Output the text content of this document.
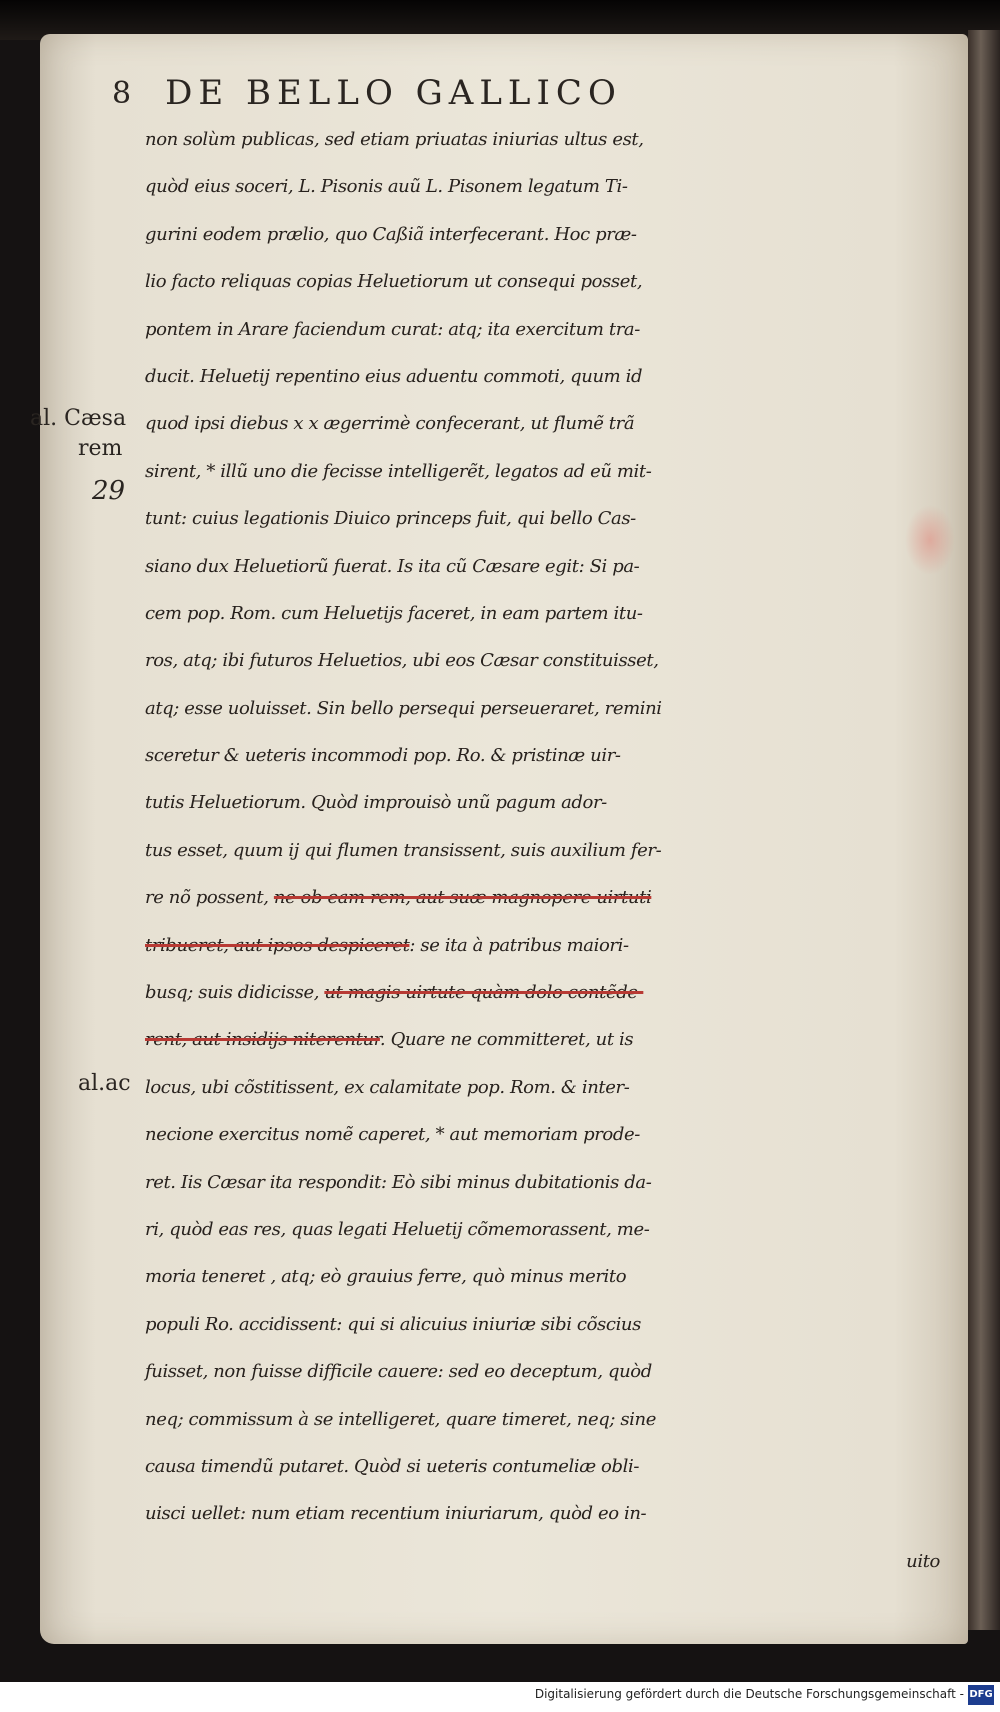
8 DE BELLO GALLICO
al. Cæsa
rem
29
al.ac
non solùm publicas, sed etiam priuatas iniurias ultus est,
quòd eius soceri, L. Pisonis auũ L. Pisonem legatum Ti-
gurini eodem prælio, quo Caßiã interfecerant. Hoc præ-
lio facto reliquas copias Heluetiorum ut consequi posset,
pontem in Arare faciendum curat: atq; ita exercitum tra-
ducit. Heluetij repentino eius aduentu commoti, quum id
quod ipsi diebus x x ægerrimè confecerant, ut flumẽ trã
sirent, * illũ uno die fecisse intelligerẽt, legatos ad eũ mit-
tunt: cuius legationis Diuico princeps fuit, qui bello Cas-
siano dux Heluetiorũ fuerat. Is ita cũ Cæsare egit: Si pa-
cem pop. Rom. cum Heluetijs faceret, in eam partem itu-
ros, atq; ibi futuros Heluetios, ubi eos Cæsar constituisset,
atq; esse uoluisset. Sin bello persequi perseueraret, remini
sceretur & ueteris incommodi pop. Ro. & pristinæ uir-
tutis Heluetiorum. Quòd improuisò unũ pagum ador-
tus esset, quum ij qui flumen transissent, suis auxilium fer-
re nõ possent, ne ob eam rem, aut suæ magnopere uirtuti
tribueret, aut ipsos despiceret: se ita à patribus maiori-
busq; suis didicisse, ut magis uirtute quàm dolo contẽde-
rent, aut insidijs niterentur. Quare ne committeret, ut is
locus, ubi cõstitissent, ex calamitate pop. Rom. & inter-
necione exercitus nomẽ caperet, * aut memoriam prode-
ret. Iis Cæsar ita respondit: Eò sibi minus dubitationis da-
ri, quòd eas res, quas legati Heluetij cõmemorassent, me-
moria teneret , atq; eò grauius ferre, quò minus merito
populi Ro. accidissent: qui si alicuius iniuriæ sibi cõscius
fuisset, non fuisse difficile cauere: sed eo deceptum, quòd
neq; commissum à se intelligeret, quare timeret, neq; sine
causa timendũ putaret. Quòd si ueteris contumeliæ obli-
uisci uellet: num etiam recentium iniuriarum, quòd eo in-
uito
Digitalisierung gefördert durch die Deutsche Forschungsgemeinschaft - DFG
